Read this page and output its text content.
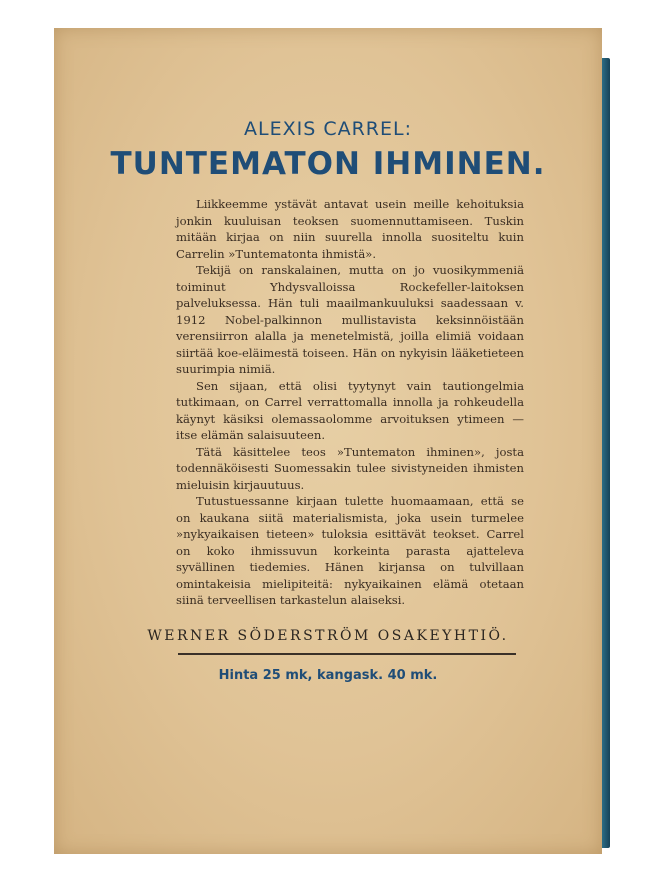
ALEXIS CARREL:
TUNTEMATON IHMINEN.

Liikkeemme ystävät antavat usein meille kehoituksia jonkin kuuluisan teoksen suomennuttamiseen. Tuskin mitään kirjaa on niin suurella innolla suositeltu kuin Carrelin »Tuntematonta ihmistä».

Tekijä on ranskalainen, mutta on jo vuosikymmeniä toiminut Yhdysvalloissa Rockefeller-laitoksen palveluksessa. Hän tuli maailmankuuluksi saadessaan v. 1912 Nobel-palkinnon mullistavista keksinnöistään verensiirron alalla ja menetelmistä, joilla elimiä voidaan siirtää koe-eläimestä toiseen. Hän on nykyisin lääketieteen suurimpia nimiä.

Sen sijaan, että olisi tyytynyt vain tautiongelmia tutkimaan, on Carrel verrattomalla innolla ja rohkeudella käynyt käsiksi olemassaolomme arvoituksen ytimeen — itse elämän salaisuuteen.

Tätä käsittelee teos »Tuntematon ihminen», josta todennäköisesti Suomessakin tulee sivistyneiden ihmisten mieluisin kirjauutuus.

Tutustuessanne kirjaan tulette huomaamaan, että se on kaukana siitä materialismista, joka usein turmelee »nykyaikaisen tieteen» tuloksia esittävät teokset. Carrel on koko ihmissuvun korkeinta parasta ajatteleva syvällinen tiedemies. Hänen kirjansa on tulvillaan omintakeisia mielipiteitä: nykyaikainen elämä otetaan siinä terveellisen tarkastelun alaiseksi.

WERNER SÖDERSTRÖM OSAKEYHTIÖ.
Hinta 25 mk, kangask. 40 mk.
